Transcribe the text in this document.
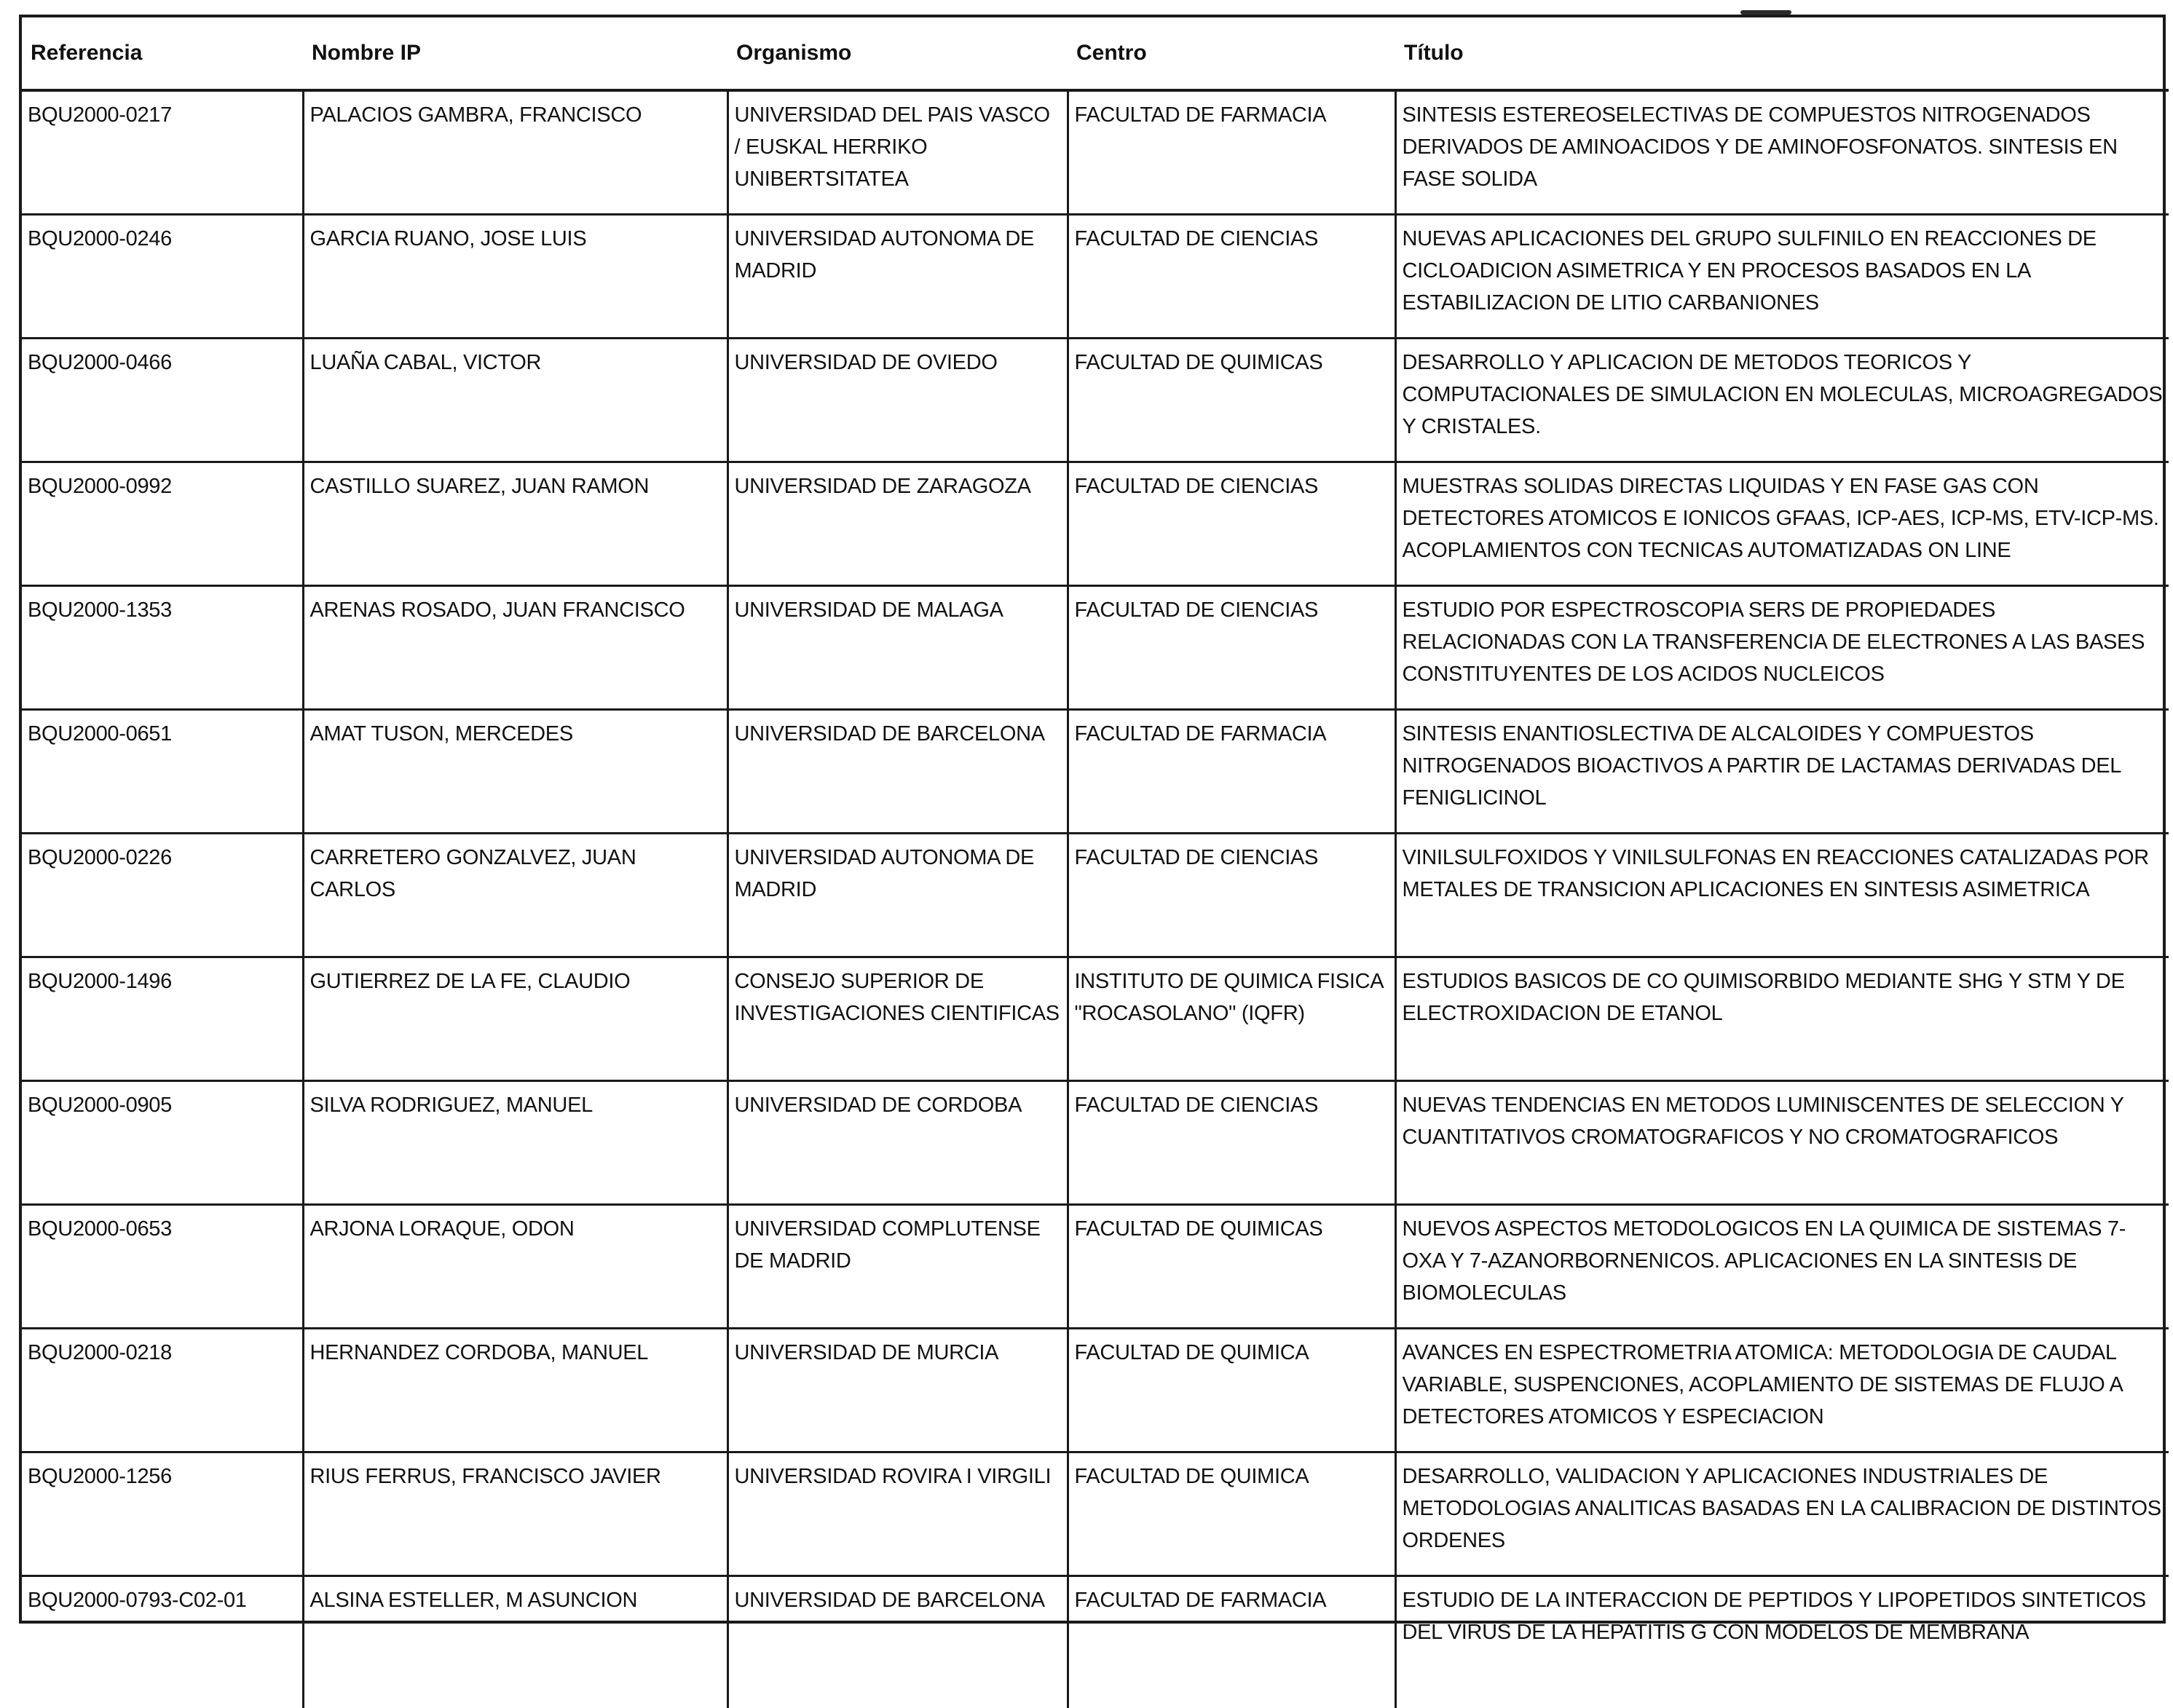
Referencia	Nombre IP	Organismo	Centro	Título
BQU2000-0217	PALACIOS GAMBRA, FRANCISCO	UNIVERSIDAD DEL PAIS VASCO / EUSKAL HERRIKO UNIBERTSITATEA	FACULTAD DE FARMACIA	SINTESIS ESTEREOSELECTIVAS DE COMPUESTOS NITROGENADOS DERIVADOS DE AMINOACIDOS Y DE AMINOFOSFONATOS. SINTESIS EN FASE SOLIDA
BQU2000-0246	GARCIA RUANO, JOSE LUIS	UNIVERSIDAD AUTONOMA DE MADRID	FACULTAD DE CIENCIAS	NUEVAS APLICACIONES DEL GRUPO SULFINILO EN REACCIONES DE CICLOADICION ASIMETRICA Y EN PROCESOS BASADOS EN LA ESTABILIZACION DE LITIO CARBANIONES
BQU2000-0466	LUAÑA CABAL, VICTOR	UNIVERSIDAD DE OVIEDO	FACULTAD DE QUIMICAS	DESARROLLO Y APLICACION DE METODOS TEORICOS Y COMPUTACIONALES DE SIMULACION EN MOLECULAS, MICROAGREGADOS Y CRISTALES.
BQU2000-0992	CASTILLO SUAREZ, JUAN RAMON	UNIVERSIDAD DE ZARAGOZA	FACULTAD DE CIENCIAS	MUESTRAS SOLIDAS DIRECTAS LIQUIDAS Y EN FASE GAS CON DETECTORES ATOMICOS E IONICOS GFAAS, ICP-AES, ICP-MS, ETV-ICP-MS. ACOPLAMIENTOS CON TECNICAS AUTOMATIZADAS ON LINE
BQU2000-1353	ARENAS ROSADO, JUAN FRANCISCO	UNIVERSIDAD DE MALAGA	FACULTAD DE CIENCIAS	ESTUDIO POR ESPECTROSCOPIA SERS DE PROPIEDADES RELACIONADAS CON LA TRANSFERENCIA DE ELECTRONES A LAS BASES CONSTITUYENTES DE LOS ACIDOS NUCLEICOS
BQU2000-0651	AMAT TUSON, MERCEDES	UNIVERSIDAD DE BARCELONA	FACULTAD DE FARMACIA	SINTESIS ENANTIOSLECTIVA DE ALCALOIDES Y COMPUESTOS NITROGENADOS BIOACTIVOS A PARTIR DE LACTAMAS DERIVADAS DEL FENIGLICINOL
BQU2000-0226	CARRETERO GONZALVEZ, JUAN CARLOS	UNIVERSIDAD AUTONOMA DE MADRID	FACULTAD DE CIENCIAS	VINILSULFOXIDOS Y VINILSULFONAS EN REACCIONES CATALIZADAS POR METALES DE TRANSICION APLICACIONES EN SINTESIS ASIMETRICA
BQU2000-1496	GUTIERREZ DE LA FE, CLAUDIO	CONSEJO SUPERIOR DE INVESTIGACIONES CIENTIFICAS	INSTITUTO DE QUIMICA FISICA "ROCASOLANO" (IQFR)	ESTUDIOS BASICOS DE CO QUIMISORBIDO MEDIANTE SHG Y STM Y DE ELECTROXIDACION DE ETANOL
BQU2000-0905	SILVA RODRIGUEZ, MANUEL	UNIVERSIDAD DE CORDOBA	FACULTAD DE CIENCIAS	NUEVAS TENDENCIAS EN METODOS LUMINISCENTES DE SELECCION Y CUANTITATIVOS CROMATOGRAFICOS Y NO CROMATOGRAFICOS
BQU2000-0653	ARJONA LORAQUE, ODON	UNIVERSIDAD COMPLUTENSE DE MADRID	FACULTAD DE QUIMICAS	NUEVOS ASPECTOS METODOLOGICOS EN LA QUIMICA DE SISTEMAS 7-OXA Y 7-AZANORBORNENICOS. APLICACIONES EN LA SINTESIS DE BIOMOLECULAS
BQU2000-0218	HERNANDEZ CORDOBA, MANUEL	UNIVERSIDAD DE MURCIA	FACULTAD DE QUIMICA	AVANCES EN ESPECTROMETRIA ATOMICA: METODOLOGIA DE CAUDAL VARIABLE, SUSPENCIONES, ACOPLAMIENTO DE SISTEMAS DE FLUJO A DETECTORES ATOMICOS Y ESPECIACION
BQU2000-1256	RIUS FERRUS, FRANCISCO JAVIER	UNIVERSIDAD ROVIRA I VIRGILI	FACULTAD DE QUIMICA	DESARROLLO, VALIDACION Y APLICACIONES INDUSTRIALES DE METODOLOGIAS ANALITICAS BASADAS EN LA CALIBRACION DE DISTINTOS ORDENES
BQU2000-0793-C02-01	ALSINA ESTELLER, M ASUNCION	UNIVERSIDAD DE BARCELONA	FACULTAD DE FARMACIA	ESTUDIO DE LA INTERACCION DE PEPTIDOS Y LIPOPETIDOS SINTETICOS DEL VIRUS DE LA HEPATITIS G CON MODELOS DE MEMBRANA
